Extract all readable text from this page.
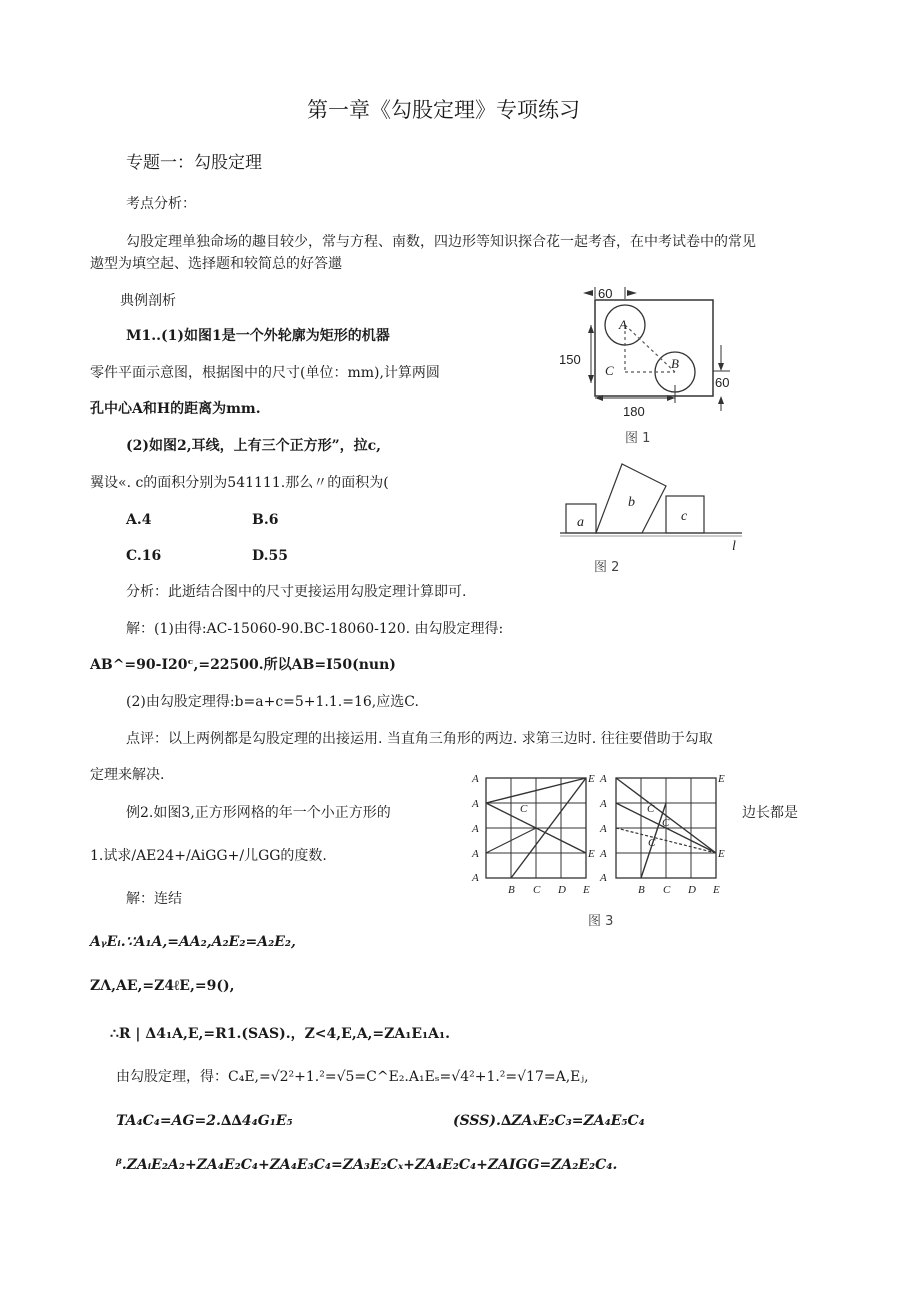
第一章《勾股定理》专项练习
专题一：勾股定理
考点分析：
勾股定理单独命场的趣目较少，常与方程、南数，四边形等知识探合花一起考杳，在中考试卷中的常见
遨型为填空起、选择题和较简总的好答邋
典例剖析
M1..(1)如图1是一个外轮廓为矩形的机器
零件平面示意图，根据图中的尺寸(单位：mm),计算两圆
孔中心A和H的距离为mm.
(2)如图2,耳线，上有三个正方形”，拉c,
翼设«. c的面积分别为541111.那么〃的面积为(
A.4	B.6
C.16	D.55
分析：此逝结合图中的尺寸更接运用勾股定理计算即可.
解：(1)由得:AC-15060-90.BC-18060-120. 由勾股定理得:
AB^=90-I20ᶜ,=22500.所以AB=I50(nun)
(2)由勾股定理得:b=a+c=5+1.1.=16,应选C.
点评：以上两例都是勾股定理的出接运用. 当直角三角形的两边. 求第三边时. 往往要借助于勾取
定理来解决.
例2.如图3,正方形网格的年一个小正方形的	边长都是
1.试求/AE24+/AiGG+/儿GG的度数.
解：连结
AᵧEᵢ.∵A₁A,=AA₂,A₂E₂=A₂E₂,
ZΛ,AE,=Z4ℓE,=9(),
∴R | Δ4₁A,E,=R1.(SAS).，Z<4,E,A,=ZA₁E₁A₁.
由勾股定理，得：C₄E,=√2²+1.²=√5=C^E₂.A₁Eₛ=√4²+1.²=√17=A,Eⱼ,
TA₄C₄=AG=2.∆∆4₄G₁E₅	(SSS).∆ZAₓE₂C₃=ZA₄E₅C₄
ᵝ.ZAᵢE₂A₂+ZA₄E₂C₄+ZA₄E₃C₄=ZA₃E₂Cₓ+ZA₄E₂C₄+ZAIGG=ZA₂E₂C₄.
60
150
60
180
A
B
C
图 1
a
b
c
l
图 2
A
A
A
A
A
B C D E
E
E
C
A
A
A
A
A
B C D E
E
E
C
C
C
图 3
